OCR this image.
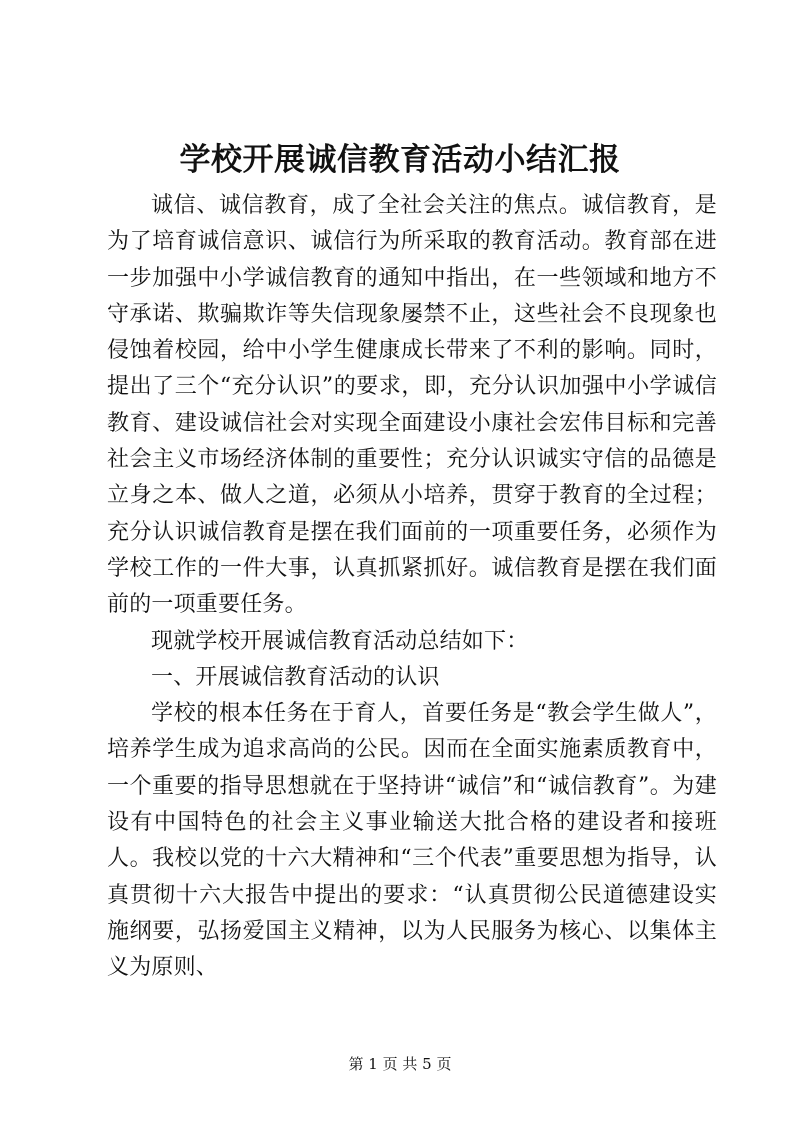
学校开展诚信教育活动小结汇报

诚信、诚信教育，成了全社会关注的焦点。诚信教育，是为了培育诚信意识、诚信行为所采取的教育活动。教育部在进一步加强中小学诚信教育的通知中指出，在一些领域和地方不守承诺、欺骗欺诈等失信现象屡禁不止，这些社会不良现象也侵蚀着校园，给中小学生健康成长带来了不利的影响。同时，提出了三个“充分认识”的要求，即，充分认识加强中小学诚信教育、建设诚信社会对实现全面建设小康社会宏伟目标和完善社会主义市场经济体制的重要性；充分认识诚实守信的品德是立身之本、做人之道，必须从小培养，贯穿于教育的全过程；充分认识诚信教育是摆在我们面前的一项重要任务，必须作为学校工作的一件大事，认真抓紧抓好。诚信教育是摆在我们面前的一项重要任务。

现就学校开展诚信教育活动总结如下：

一、开展诚信教育活动的认识

学校的根本任务在于育人，首要任务是“教会学生做人”，培养学生成为追求高尚的公民。因而在全面实施素质教育中，一个重要的指导思想就在于坚持讲“诚信”和“诚信教育”。为建设有中国特色的社会主义事业输送大批合格的建设者和接班人。我校以党的十六大精神和“三个代表”重要思想为指导，认真贯彻十六大报告中提出的要求：“认真贯彻公民道德建设实施纲要，弘扬爱国主义精神，以为人民服务为核心、以集体主义为原则、

第 1 页 共 5 页
